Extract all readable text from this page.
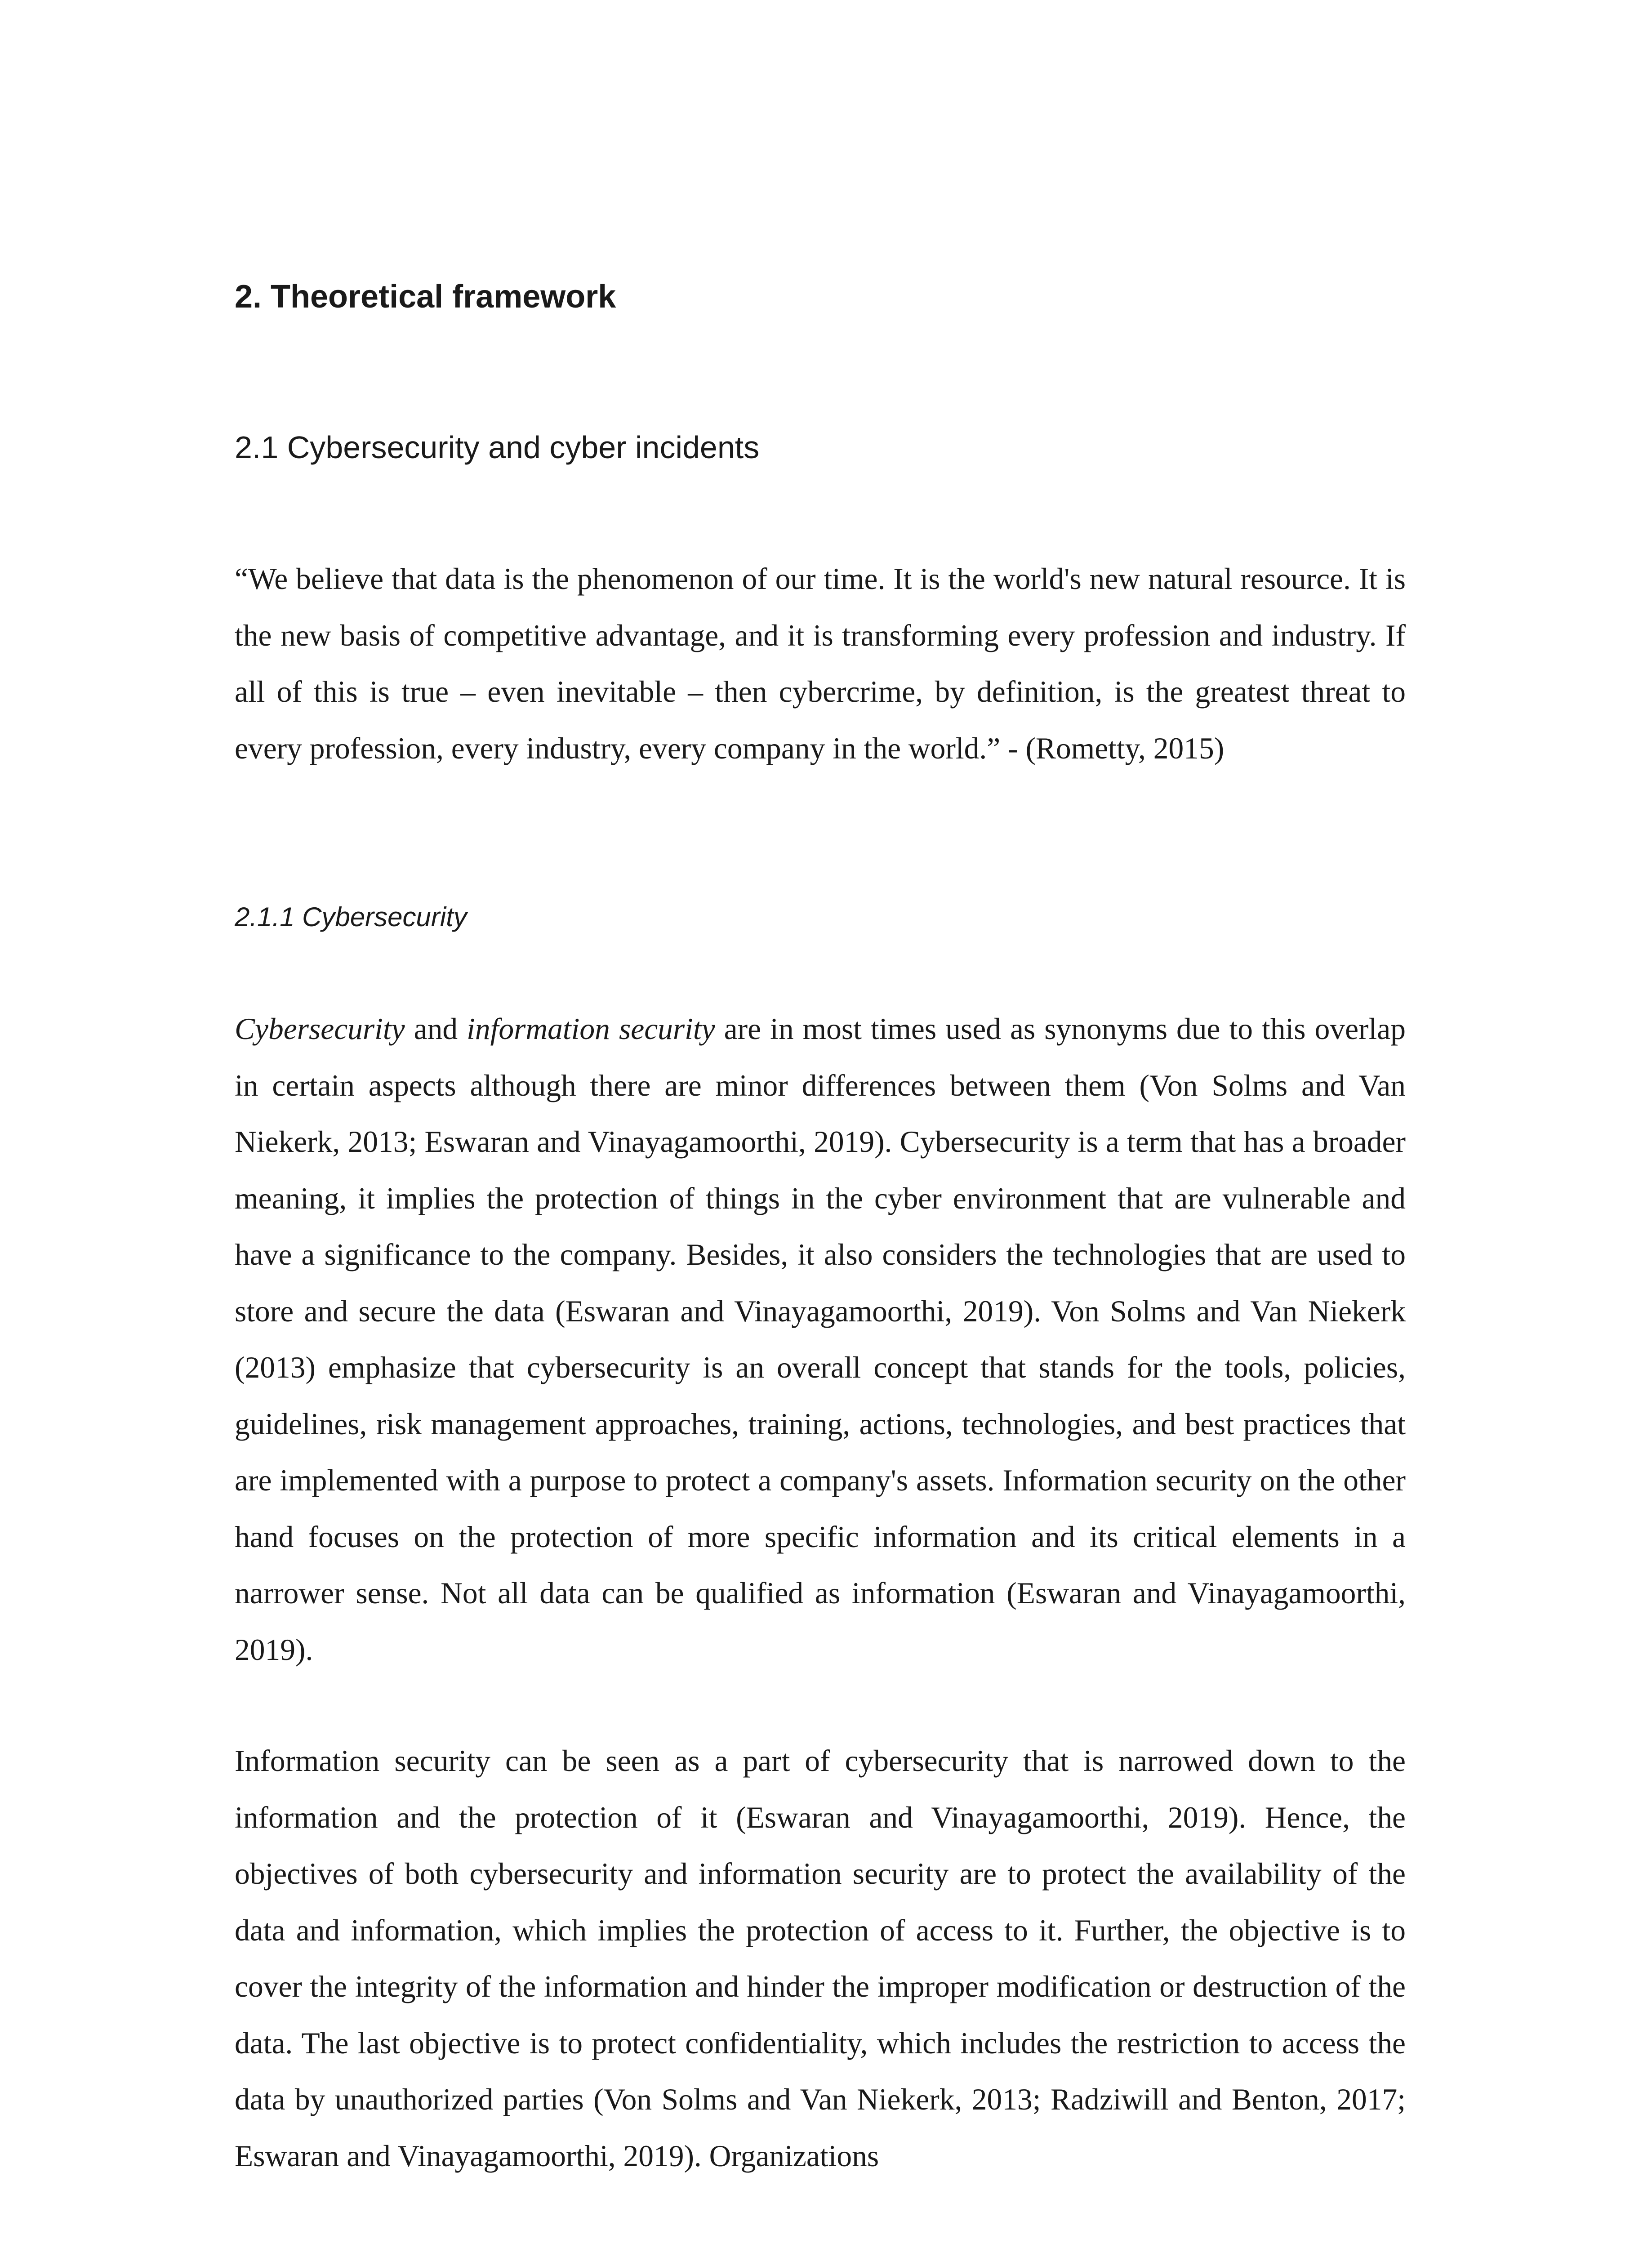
2. Theoretical framework
2.1 Cybersecurity and cyber incidents

“We believe that data is the phenomenon of our time. It is the world's new natural resource. It is the new basis of competitive advantage, and it is transforming every profession and industry. If all of this is true – even inevitable – then cybercrime, by definition, is the greatest threat to every profession, every industry, every company in the world.” - (Rometty, 2015)

2.1.1 Cybersecurity

Cybersecurity and information security are in most times used as synonyms due to this overlap in certain aspects although there are minor differences between them (Von Solms and Van Niekerk, 2013; Eswaran and Vinayagamoorthi, 2019). Cybersecurity is a term that has a broader meaning, it implies the protection of things in the cyber environment that are vulnerable and have a significance to the company. Besides, it also considers the technologies that are used to store and secure the data (Eswaran and Vinayagamoorthi, 2019). Von Solms and Van Niekerk (2013) emphasize that cybersecurity is an overall concept that stands for the tools, policies, guidelines, risk management approaches, training, actions, technologies, and best practices that are implemented with a purpose to protect a company's assets. Information security on the other hand focuses on the protection of more specific information and its critical elements in a narrower sense. Not all data can be qualified as information (Eswaran and Vinayagamoorthi, 2019).

Information security can be seen as a part of cybersecurity that is narrowed down to the information and the protection of it (Eswaran and Vinayagamoorthi, 2019). Hence, the objectives of both cybersecurity and information security are to protect the availability of the data and information, which implies the protection of access to it. Further, the objective is to cover the integrity of the information and hinder the improper modification or destruction of the data. The last objective is to protect confidentiality, which includes the restriction to access the data by unauthorized parties (Von Solms and Van Niekerk, 2013; Radziwill and Benton, 2017; Eswaran and Vinayagamoorthi, 2019). Organizations
